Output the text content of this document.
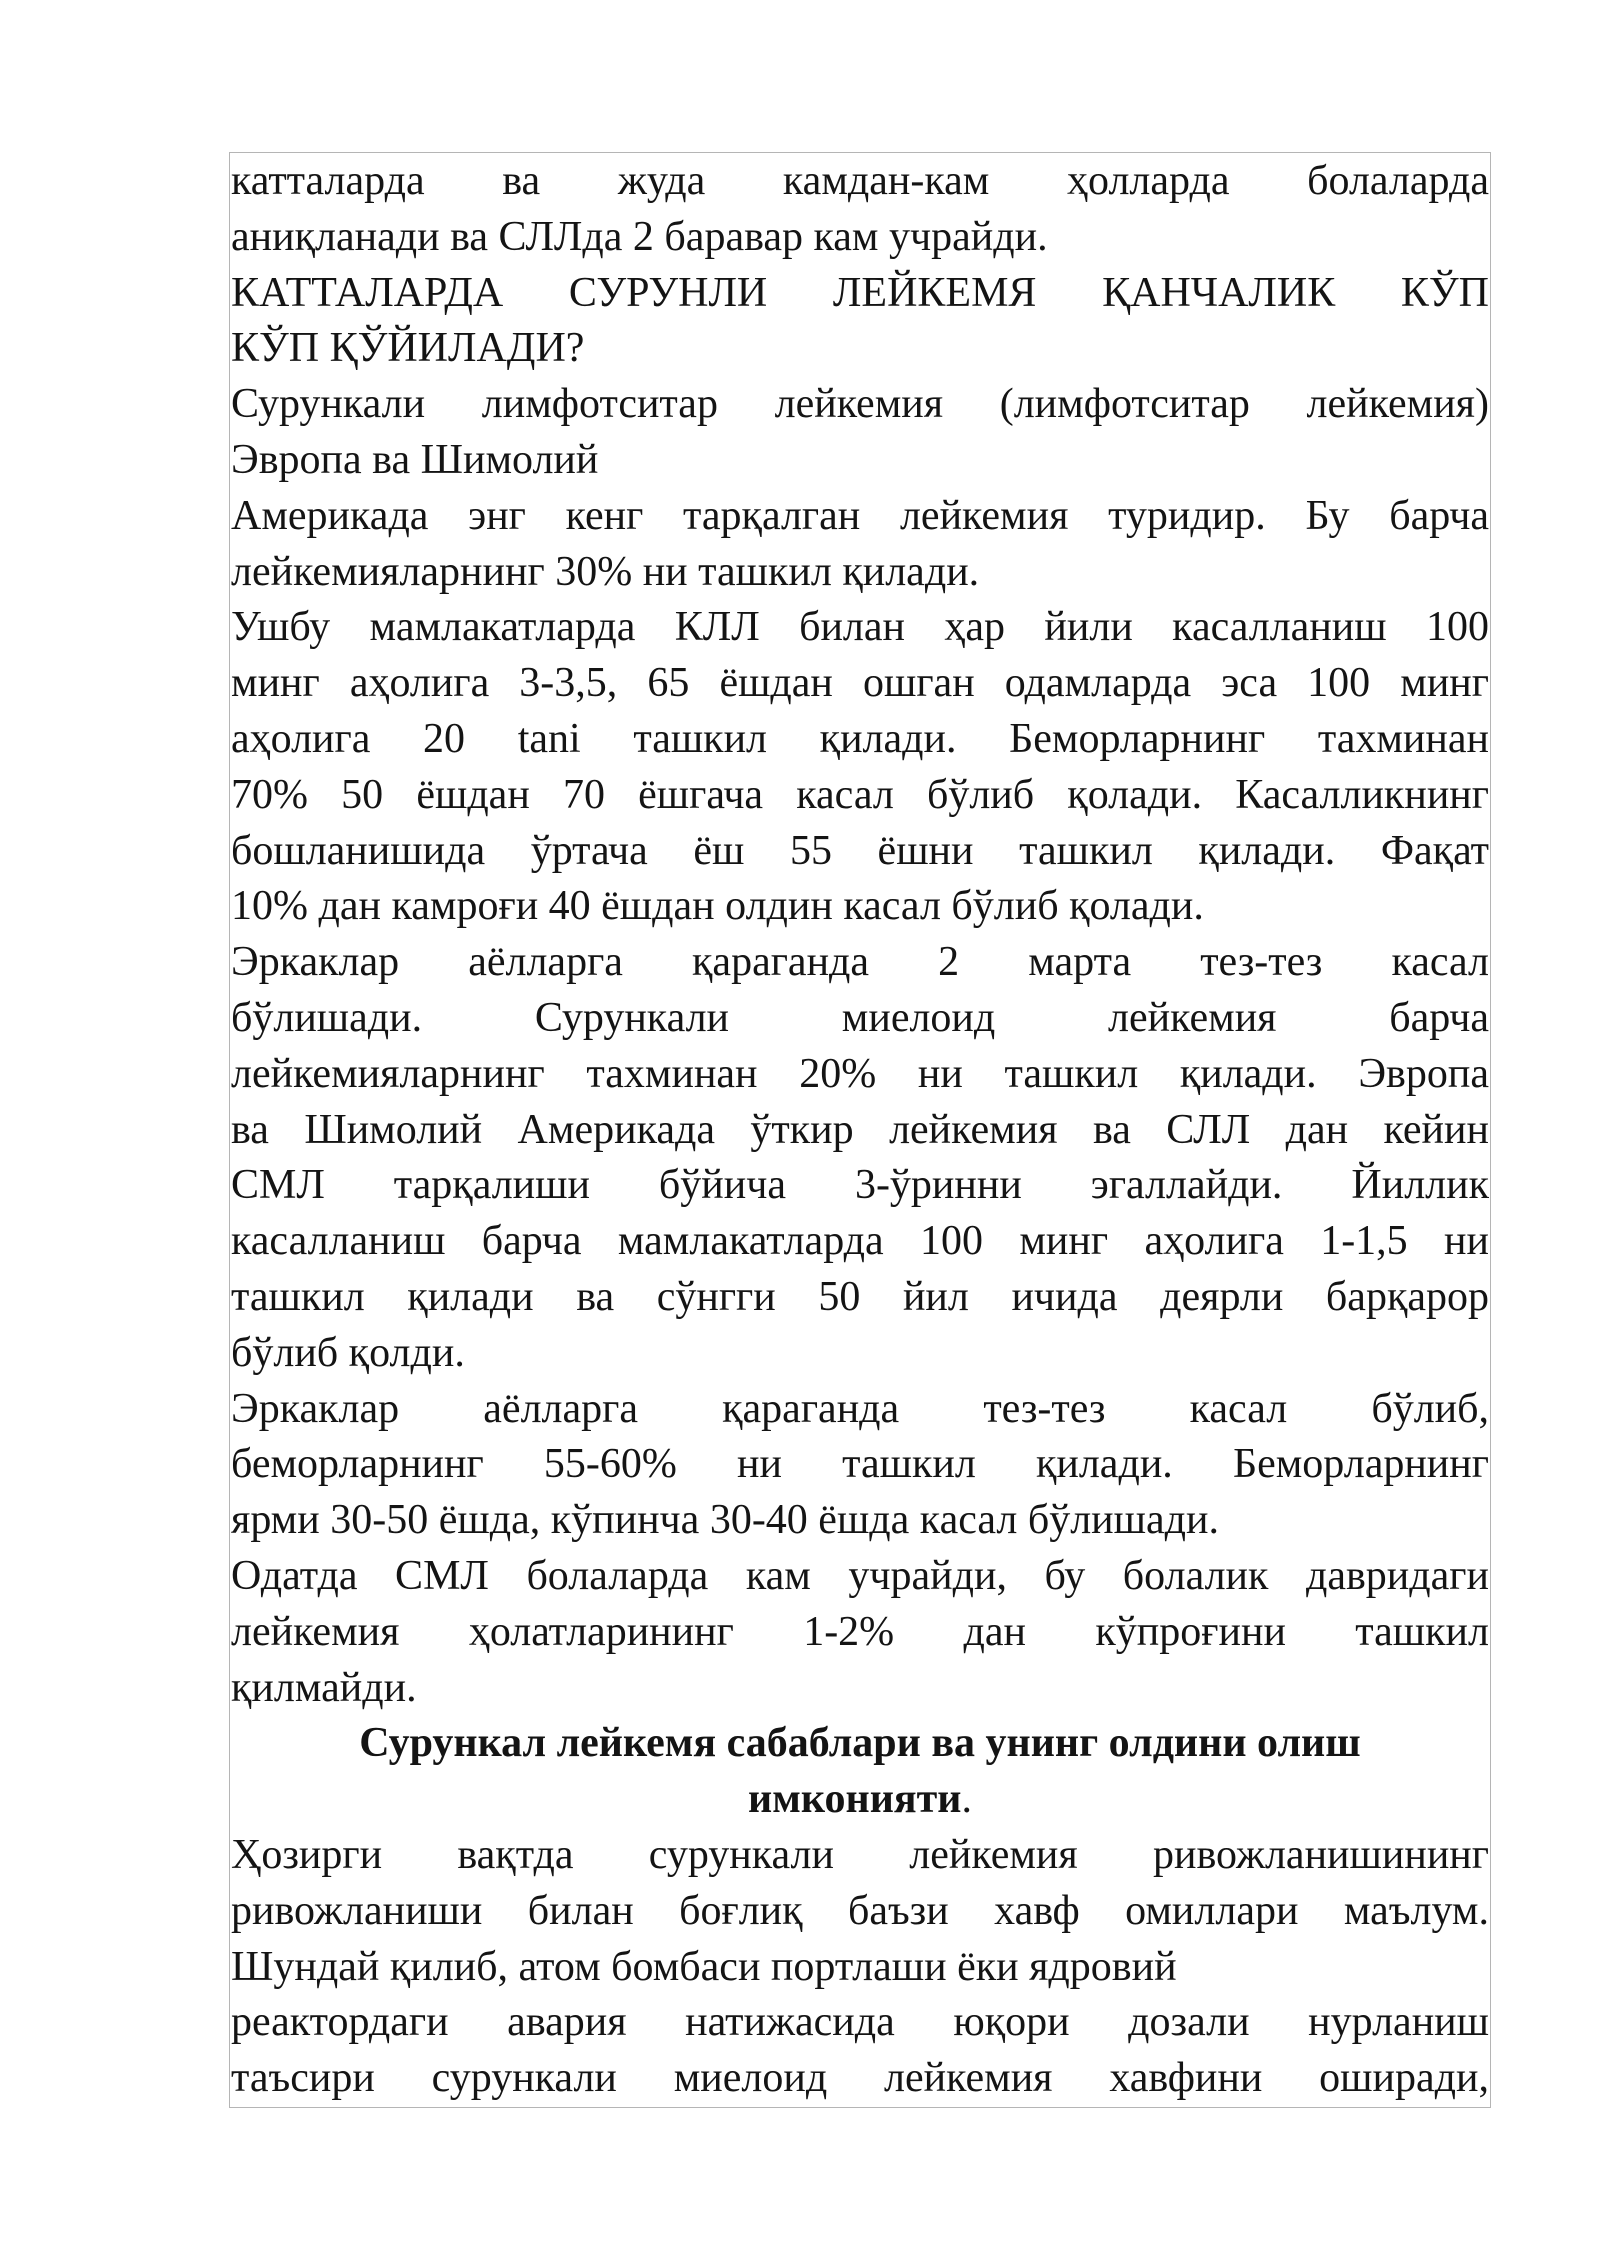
катталарда ва жуда камдан-кам ҳолларда болаларда
аниқланади ва СЛЛда 2 баравар кам учрайди.
КАТТАЛАРДА СУРУНЛИ ЛЕЙКЕМЯ ҚАНЧАЛИК КЎП
КЎП ҚЎЙИЛАДИ?
Сурункали лимфотситар лейкемия (лимфотситар лейкемия)
Эвропа ва Шимолий
Америкада энг кенг тарқалган лейкемия туридир. Бу барча
лейкемияларнинг 30% ни ташкил қилади.
Ушбу мамлакатларда КЛЛ билан ҳар йили касалланиш 100
минг аҳолига 3-3,5, 65 ёшдан ошган одамларда эса 100 минг
аҳолига 20 tani ташкил қилади. Беморларнинг тахминан
70% 50 ёшдан 70 ёшгача касал бўлиб қолади. Касалликнинг
бошланишида ўртача ёш 55 ёшни ташкил қилади. Фақат
10% дан камроғи 40 ёшдан олдин касал бўлиб қолади.
Эркаклар аёлларга қараганда 2 марта тез-тез касал
бўлишади. Сурункали миелоид лейкемия барча
лейкемияларнинг тахминан 20% ни ташкил қилади. Эвропа
ва Шимолий Америкада ўткир лейкемия ва СЛЛ дан кейин
СМЛ тарқалиши бўйича 3-ўринни эгаллайди. Йиллик
касалланиш барча мамлакатларда 100 минг аҳолига 1-1,5 ни
ташкил қилади ва сўнгги 50 йил ичида деярли барқарор
бўлиб қолди.
Эркаклар аёлларга қараганда тез-тез касал бўлиб,
беморларнинг 55-60% ни ташкил қилади. Беморларнинг
ярми 30-50 ёшда, кўпинча 30-40 ёшда касал бўлишади.
Одатда СМЛ болаларда кам учрайди, бу болалик давридаги
лейкемия ҳолатларининг 1-2% дан кўпроғини ташкил
қилмайди.
Сурункал лейкемя сабаблари ва унинг олдини олиш
имконияти.
Ҳозирги вақтда сурункали лейкемия ривожланишининг
ривожланиши билан боғлиқ баъзи хавф омиллари маълум.
Шундай қилиб, атом бомбаси портлаши ёки ядровий
реактордаги авария натижасида юқори дозали нурланиш
таъсири сурункали миелоид лейкемия хавфини оширади,
